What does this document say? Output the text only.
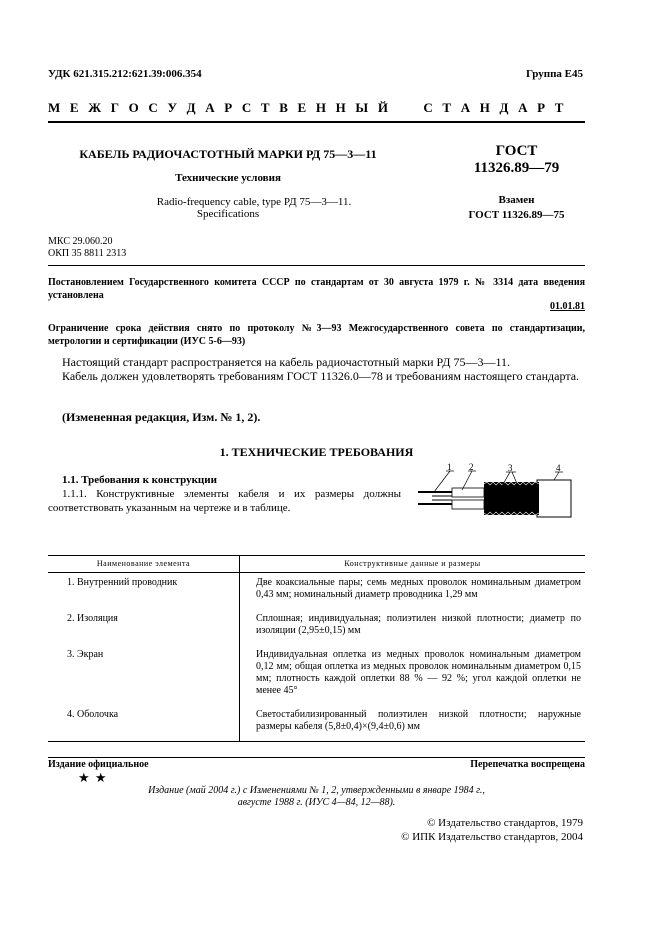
УДК 621.315.212:621.39:006.354	Группа Е45
М Е Ж Г О С У Д А Р С Т В Е Н Н Ы Й     С Т А Н Д А Р Т
КАБЕЛЬ РАДИОЧАСТОТНЫЙ МАРКИ РД 75—3—11
Технические условия
Radio-frequency cable, type РД 75—3—11.
Specifications
ГОСТ
11326.89—79
Взамен
ГОСТ 11326.89—75
МКС 29.060.20
ОКП 35 8811 2313
Постановлением Государственного комитета СССР по стандартам от 30 августа 1979 г. № 3314 дата введения установлена
01.01.81
Ограничение срока действия снято по протоколу №3—93 Межгосударственного совета по стандартизации, метрологии и сертификации (ИУС 5-6—93)
Настоящий стандарт распространяется на кабель радиочастотный марки РД 75—3—11.
Кабель должен удовлетворять требованиям ГОСТ 11326.0—78 и требованиям настоящего стандарта.
(Измененная редакция, Изм. № 1, 2).
1. ТЕХНИЧЕСКИЕ ТРЕБОВАНИЯ
1.1. Требования к конструкции
1.1.1. Конструктивные элементы кабеля и их размеры должны соответствовать указанным на чертеже и в таблице.
1 2	3	4
Наименование элемента	Конструктивные данные и размеры
1. Внутренний проводник	Две коаксиальные пары; семь медных проволок номинальным диаметром 0,43 мм; номинальный диаметр проводника 1,29 мм
2. Изоляция	Сплошная; индивидуальная; полиэтилен низкой плотности; диаметр по изоляции (2,95±0,15) мм
3. Экран	Индивидуальная оплетка из медных проволок номинальным диаметром 0,12 мм; общая оплетка из медных проволок номинальным диаметром 0,15 мм; плотность каждой оплетки 88 % — 92 %; угол каждой оплетки не менее 45°
4. Оболочка	Светостабилизированный полиэтилен низкой плотности; наружные размеры кабеля (5,8±0,4)×(9,4±0,6) мм
Издание официальное
★ ★
Перепечатка воспрещена
Издание (май 2004 г.) с Изменениями № 1, 2, утвержденными в январе 1984 г.,
августе 1988 г. (ИУС 4—84, 12—88).
© Издательство стандартов, 1979
© ИПК Издательство стандартов, 2004
